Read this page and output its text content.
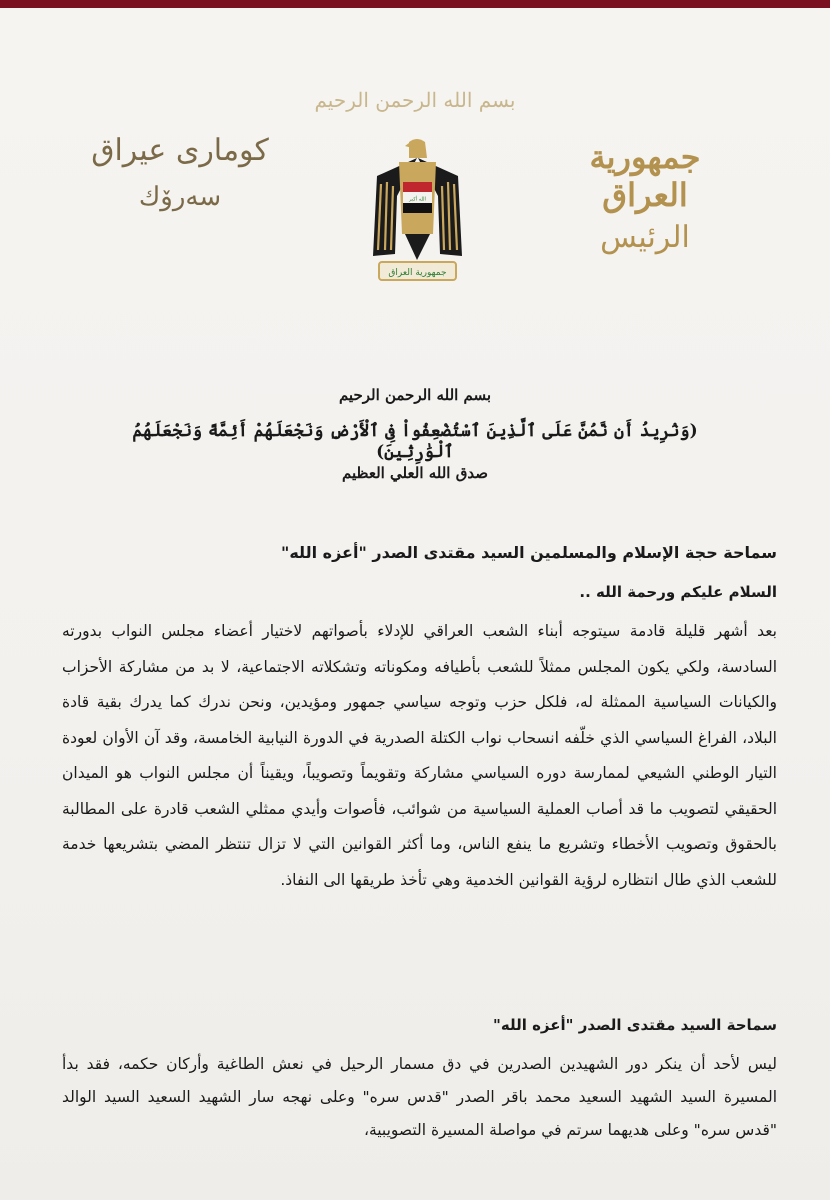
بسم الله الرحمن الرحيم
جمهورية العراق
الرئيس
كوماری عیراق
سەرۆك	الله أكبر
جمهورية العراق
بسم الله الرحمن الرحيم
(وَنُرِيدُ أَن نَّمُنَّ عَلَى ٱلَّذِينَ ٱسْتُضْعِفُواْ فِى ٱلْأَرْضِ وَنَجْعَلَهُمْ أَئِمَّةً وَنَجْعَلَهُمُ ٱلْوَٰرِثِينَ)
صدق الله العلي العظيم
سماحة حجة الإسلام والمسلمين السيد مقتدى الصدر "أعزه الله"
السلام عليكم ورحمة الله ..
بعد أشهر قليلة قادمة سيتوجه أبناء الشعب العراقي للإدلاء بأصواتهم لاختيار أعضاء مجلس النواب بدورته السادسة، ولكي يكون المجلس ممثلاً للشعب بأطيافه ومكوناته وتشكلاته الاجتماعية، لا بد من مشاركة الأحزاب والكيانات السياسية الممثلة له، فلكل حزب وتوجه سياسي جمهور ومؤيدين، ونحن ندرك كما يدرك بقية قادة البلاد، الفراغ السياسي الذي خلّفه انسحاب نواب الكتلة الصدرية في الدورة النيابية الخامسة، وقد آن الأوان لعودة التيار الوطني الشيعي لممارسة دوره السياسي مشاركة وتقويماً وتصويباً، ويقيناً أن مجلس النواب هو الميدان الحقيقي لتصويب ما قد أصاب العملية السياسية من شوائب، فأصوات وأيدي ممثلي الشعب قادرة على المطالبة بالحقوق وتصويب الأخطاء وتشريع ما ينفع الناس، وما أكثر القوانين التي لا تزال تنتظر المضي بتشريعها خدمة للشعب الذي طال انتظاره لرؤية القوانين الخدمية وهي تأخذ طريقها الى النفاذ.
سماحة السيد مقتدى الصدر "أعزه الله"
ليس لأحد أن ينكر دور الشهيدين الصدرين في دق مسمار الرحيل في نعش الطاغية وأركان حكمه، فقد بدأ المسيرة السيد الشهيد السعيد محمد باقر الصدر "قدس سره" وعلى نهجه سار الشهيد السعيد السيد الوالد "قدس سره" وعلى هديهما سرتم في مواصلة المسيرة التصويبية،
